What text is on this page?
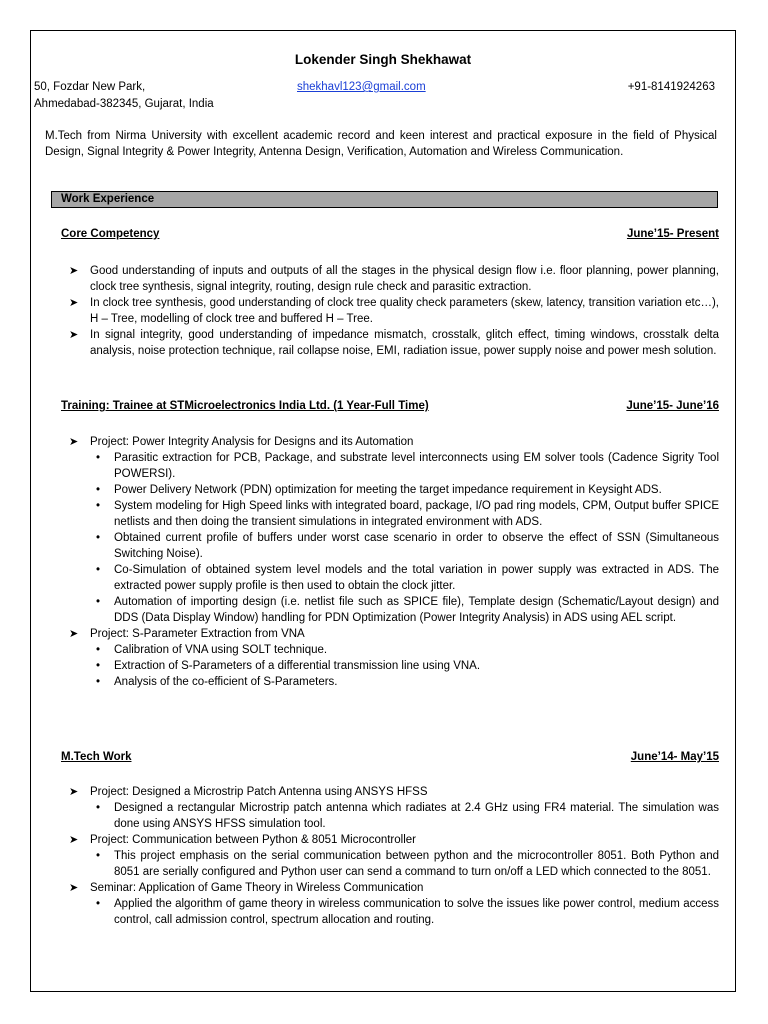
Lokender Singh Shekhawat
50, Fozdar New Park,
Ahmedabad-382345, Gujarat, India
shekhavl123@gmail.com	+91-8141924263
M.Tech from Nirma University with excellent academic record and keen interest and practical exposure in the field of Physical Design, Signal Integrity & Power Integrity, Antenna Design, Verification, Automation and Wireless Communication.
Work Experience
Core Competency	June’15- Present
➤ Good understanding of inputs and outputs of all the stages in the physical design flow i.e. floor planning, power planning, clock tree synthesis, signal integrity, routing, design rule check and parasitic extraction.
➤ In clock tree synthesis, good understanding of clock tree quality check parameters (skew, latency, transition variation etc…), H – Tree, modelling of clock tree and buffered H – Tree.
➤ In signal integrity, good understanding of impedance mismatch, crosstalk, glitch effect, timing windows, crosstalk delta analysis, noise protection technique, rail collapse noise, EMI, radiation issue, power supply noise and power mesh solution.
Training: Trainee at STMicroelectronics India Ltd. (1 Year-Full Time)	June’15- June’16
➤ Project: Power Integrity Analysis for Designs and its Automation
• Parasitic extraction for PCB, Package, and substrate level interconnects using EM solver tools (Cadence Sigrity Tool POWERSI).
• Power Delivery Network (PDN) optimization for meeting the target impedance requirement in Keysight ADS.
• System modeling for High Speed links with integrated board, package, I/O pad ring models, CPM, Output buffer SPICE netlists and then doing the transient simulations in integrated environment with ADS.
• Obtained current profile of buffers under worst case scenario in order to observe the effect of SSN (Simultaneous Switching Noise).
• Co-Simulation of obtained system level models and the total variation in power supply was extracted in ADS. The extracted power supply profile is then used to obtain the clock jitter.
• Automation of importing design (i.e. netlist file such as SPICE file), Template design (Schematic/Layout design) and DDS (Data Display Window) handling for PDN Optimization (Power Integrity Analysis) in ADS using AEL script.
➤ Project: S-Parameter Extraction from VNA
• Calibration of VNA using SOLT technique.
• Extraction of S-Parameters of a differential transmission line using VNA.
• Analysis of the co-efficient of S-Parameters.
M.Tech Work	June’14- May’15
➤ Project: Designed a Microstrip Patch Antenna using ANSYS HFSS
• Designed a rectangular Microstrip patch antenna which radiates at 2.4 GHz using FR4 material. The simulation was done using ANSYS HFSS simulation tool.
➤ Project: Communication between Python & 8051 Microcontroller
• This project emphasis on the serial communication between python and the microcontroller 8051. Both Python and 8051 are serially configured and Python user can send a command to turn on/off a LED which connected to the 8051.
➤ Seminar: Application of Game Theory in Wireless Communication
• Applied the algorithm of game theory in wireless communication to solve the issues like power control, medium access control, call admission control, spectrum allocation and routing.
